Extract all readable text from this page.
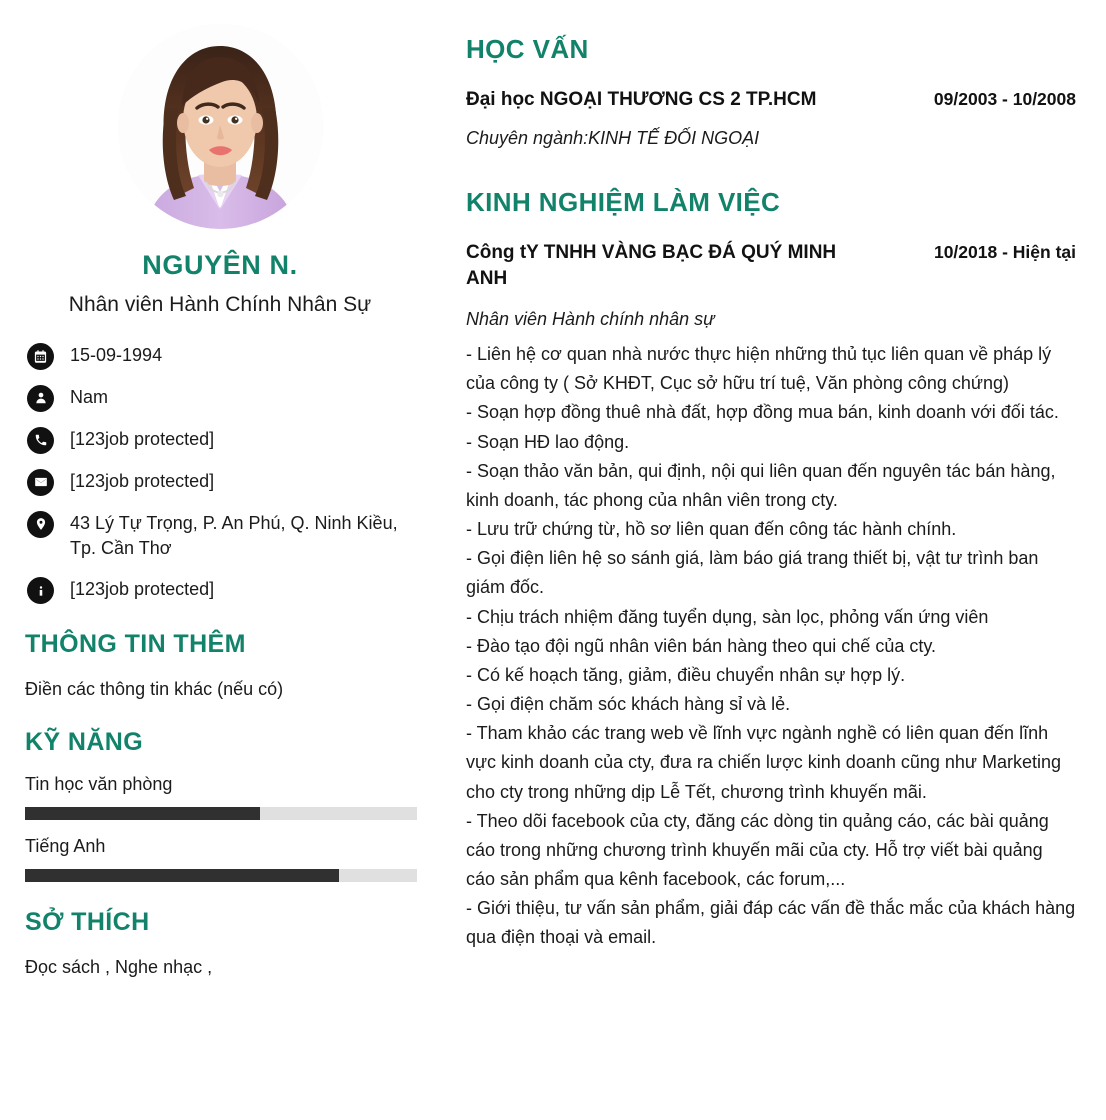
NGUYÊN N.
Nhân viên Hành Chính Nhân Sự
15-09-1994
Nam
[123job protected]
[123job protected]
43 Lý Tự Trọng, P. An Phú, Q. Ninh Kiều, Tp. Cần Thơ
[123job protected]
THÔNG TIN THÊM

Điền các thông tin khác (nếu có)

KỸ NĂNG
Tin học văn phòng
Tiếng Anh
SỞ THÍCH

Đọc sách , Nghe nhạc ,

HỌC VẤN
Đại học NGOẠI THƯƠNG CS 2 TP.HCM	09/2003 - 10/2008
Chuyên ngành:KINH TẾ ĐỐI NGOẠI
KINH NGHIỆM LÀM VIỆC
Công tY TNHH VÀNG BẠC ĐÁ QUÝ MINH ANH
10/2018 - Hiện tại
Nhân viên Hành chính nhân sự

- Liên hệ cơ quan nhà nước thực hiện những thủ tục liên quan về pháp lý của công ty ( Sở KHĐT, Cục sở hữu trí tuệ, Văn phòng công chứng)

- Soạn hợp đồng thuê nhà đất, hợp đồng mua bán, kinh doanh với đối tác.

- Soạn HĐ lao động.

- Soạn thảo văn bản, qui định, nội qui liên quan đến nguyên tác bán hàng, kinh doanh, tác phong của nhân viên trong cty.

- Lưu trữ chứng từ, hồ sơ liên quan đến công tác hành chính.

- Gọi điện liên hệ so sánh giá, làm báo giá trang thiết bị, vật tư trình ban giám đốc.

- Chịu trách nhiệm đăng tuyển dụng, sàn lọc, phỏng vấn ứng viên

- Đào tạo đội ngũ nhân viên bán hàng theo qui chế của cty.

- Có kế hoạch tăng, giảm, điều chuyển nhân sự hợp lý.

- Gọi điện chăm sóc khách hàng sỉ và lẻ.

- Tham khảo các trang web về lĩnh vực ngành nghề có liên quan đến lĩnh vực kinh doanh của cty, đưa ra chiến lược kinh doanh cũng như Marketing cho cty trong những dịp Lễ Tết, chương trình khuyến mãi.

- Theo dõi facebook của cty, đăng các dòng tin quảng cáo, các bài quảng cáo trong những chương trình khuyến mãi của cty. Hỗ trợ viết bài quảng cáo sản phẩm qua kênh facebook, các forum,...

- Giới thiệu, tư vấn sản phẩm, giải đáp các vấn đề thắc mắc của khách hàng qua điện thoại và email.
